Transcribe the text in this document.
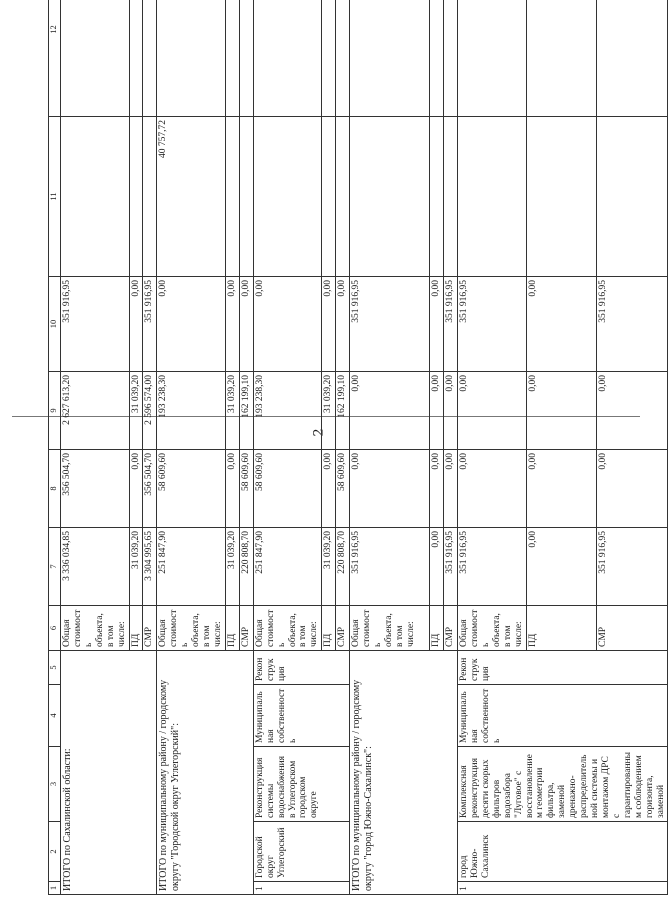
2
1	2	3	4	5	6	7	8	9	10	11	12
ИТОГО по Сахалинской области:					Общая стоимость объекта, в том числе:	3 336 034,85	356 504,70	2 627 613,20	351 916,95		
					ПД	31 039,20	0,00	31 039,20	0,00		
					СМР	3 304 995,65	356 504,70	2 596 574,00	351 916,95		
ИТОГО по муниципальному району / городскому округу "Городской округ Углегорский":					Общая стоимость объекта, в том числе:	251 847,90	58 609,60	193 238,30	0,00	40 757,72	
					ПД	31 039,20	0,00	31 039,20	0,00		
					СМР	220 808,70	58 609,60	162 199,10	0,00		
1	Городской округ Углегорский	Реконструкция системы водоснабжения в Углегорском городском округе	Муниципальная собственность	Реконструкция	Общая стоимость объекта, в том числе:	251 847,90	58 609,60	193 238,30	0,00		
					ПД	31 039,20	0,00	31 039,20	0,00		
					СМР	220 808,70	58 609,60	162 199,10	0,00		
ИТОГО по муниципальному району / городскому округу "город Южно-Сахалинск":					Общая стоимость объекта, в том числе:	351 916,95	0,00	0,00	351 916,95		
					ПД	0,00	0,00	0,00	0,00		
					СМР	351 916,95	0,00	0,00	351 916,95		
1	город Южно-Сахалинск	Комплексная реконструкция десяти скорых фильтров водозабора "Луговое" с восстановлением геометрии фильтра, заменой дренажно-распределительной системы и монтажом ДРС с гарантированным соблюдением горизонта, заменой	Муниципальная собственность	Реконструкция	Общая стоимость объекта, в том числе:	351 916,95	0,00	0,00	351 916,95		
					ПД	0,00	0,00	0,00	0,00		
					СМР	351 916,95	0,00	0,00	351 916,95		
